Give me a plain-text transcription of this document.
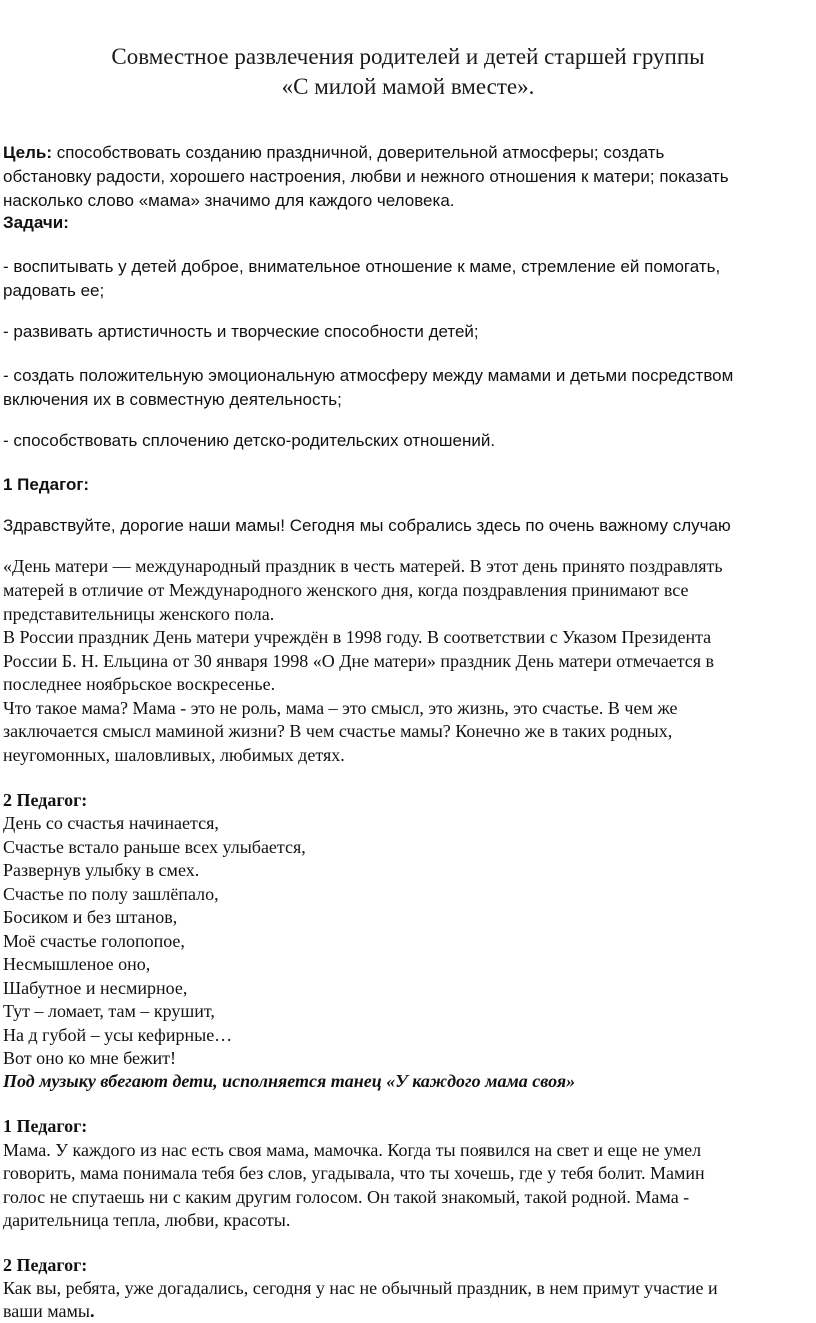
Совместное развлечения родителей и детей старшей группы
«С милой мамой вместе».
Цель: способствовать созданию праздничной, доверительной атмосферы; создать
обстановку радости, хорошего настроения, любви и нежного отношения к матери; показать
насколько слово «мама» значимо для каждого человека.
Задачи:
- воспитывать у детей доброе, внимательное отношение к маме, стремление ей помогать,
радовать ее;
- развивать артистичность и творческие способности детей;
- создать положительную эмоциональную атмосферу между мамами и детьми посредством
включения их в совместную деятельность;
- способствовать сплочению детско-родительских отношений.
1 Педагог:
Здравствуйте, дорогие наши мамы! Сегодня мы собрались здесь по очень важному случаю
«День матери — международный праздник в честь матерей. В этот день принято поздравлять
матерей в отличие от Международного женского дня, когда поздравления принимают все
представительницы женского пола.
В России праздник День матери учреждён в 1998 году. В соответствии с Указом Президента
России Б. Н. Ельцина от 30 января 1998 «О Дне матери» праздник День матери отмечается в
последнее ноябрьское воскресенье.
Что такое мама? Мама - это не роль, мама – это смысл, это жизнь, это счастье. В чем же
заключается смысл маминой жизни? В чем счастье мамы? Конечно же в таких родных,
неугомонных, шаловливых, любимых детях.
2 Педагог:
День со счастья начинается,
Счастье встало раньше всех улыбается,
Развернув улыбку в смех.
Счастье по полу зашлёпало,
Босиком и без штанов,
Моё счастье голопопое,
Несмышленое оно,
Шабутное и несмирное,
Тут – ломает, там – крушит,
На д губой – усы кефирные…
Вот оно ко мне бежит!
Под музыку вбегают дети, исполняется танец «У каждого мама своя»
1 Педагог:
Мама. У каждого из нас есть своя мама, мамочка. Когда ты появился на свет и еще не умел
говорить, мама понимала тебя без слов, угадывала, что ты хочешь, где у тебя болит. Мамин
голос не спутаешь ни с каким другим голосом. Он такой знакомый, такой родной. Мама -
дарительница тепла, любви, красоты.
2 Педагог:
Как вы, ребята, уже догадались, сегодня у нас не обычный праздник, в нем примут участие и
ваши мамы.
